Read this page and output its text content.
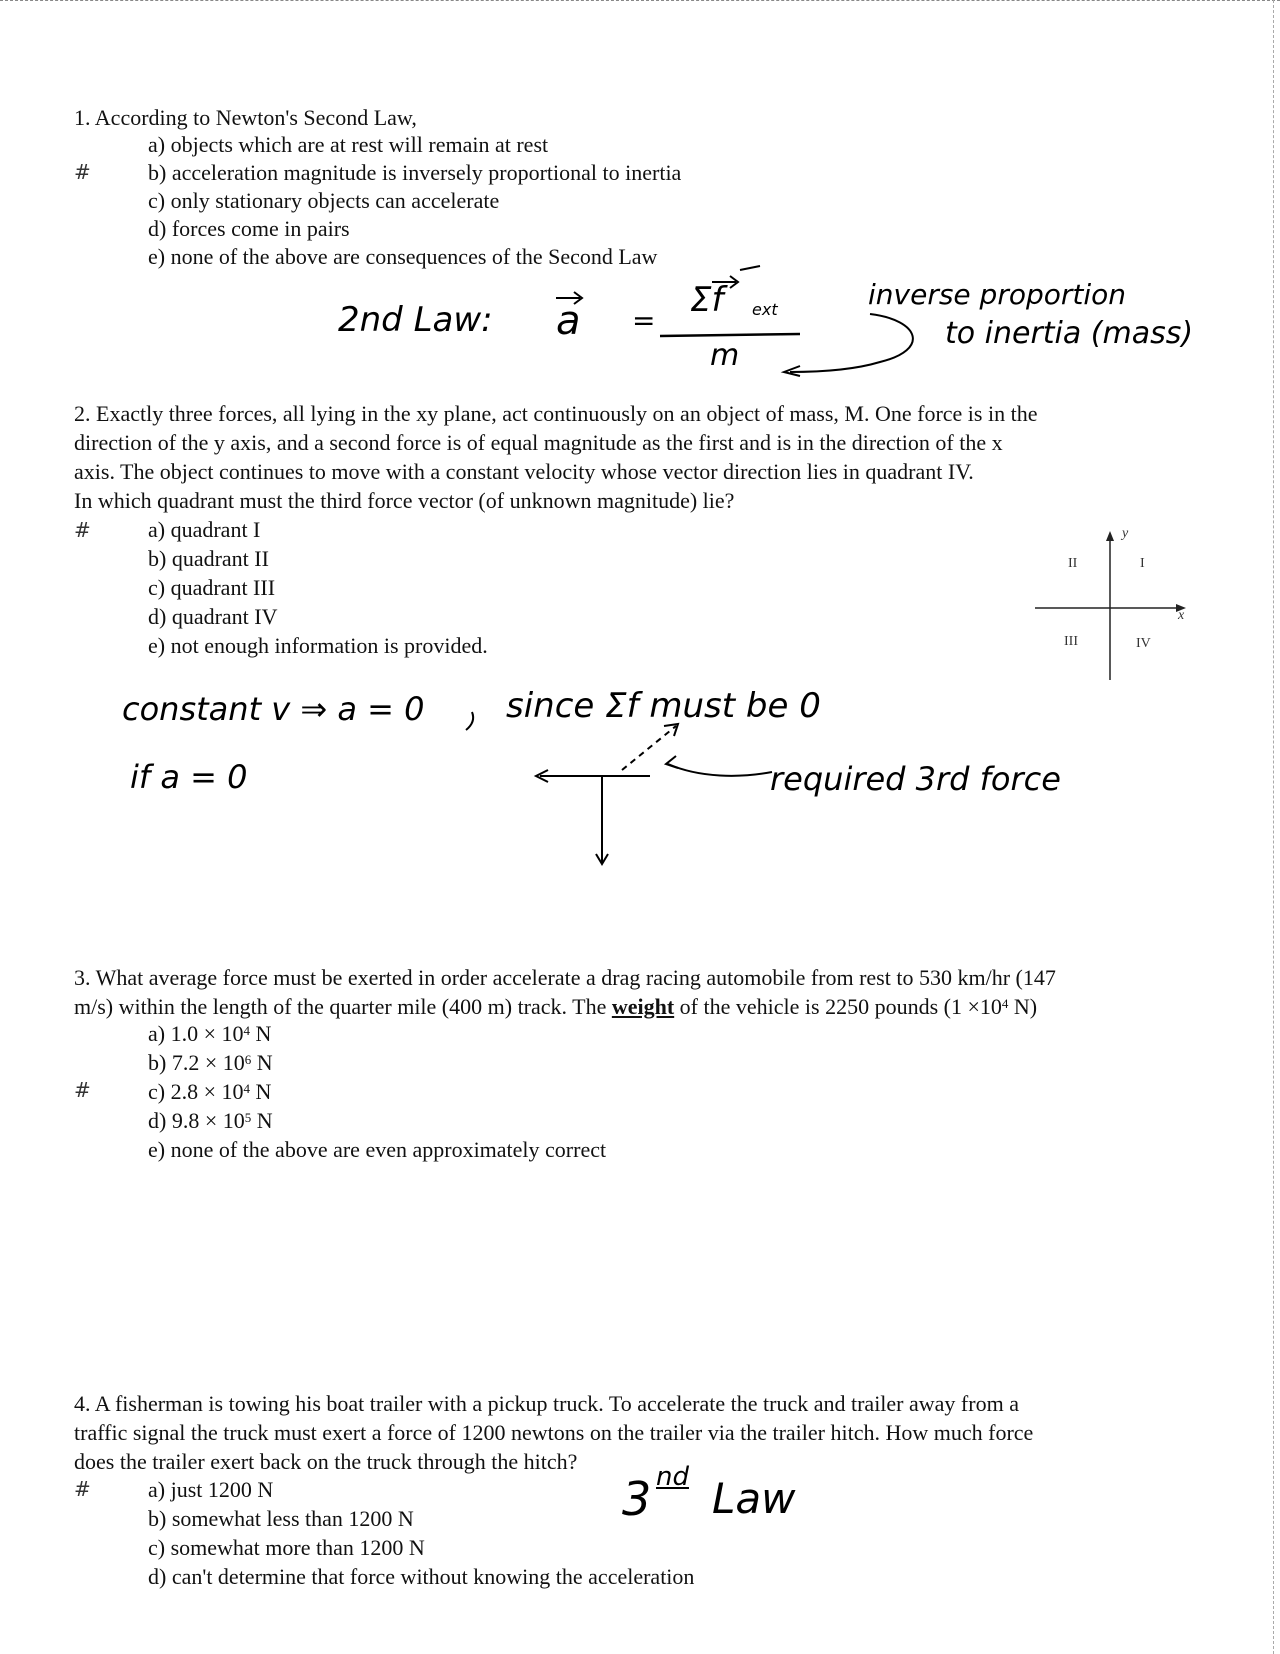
1. According to Newton's Second Law,
a) objects which are at rest will remain at rest
#	b) acceleration magnitude is inversely proportional to inertia
c) only stationary objects can accelerate
d) forces come in pairs
e) none of the above are consequences of the Second Law
2nd Law: a =
Σf ext
m
inverse proportion
to inertia (mass)
2. Exactly three forces, all lying in the xy plane, act continuously on an object of mass, M. One force is in the
direction of the y axis, and a second force is of equal magnitude as the first and is in the direction of the x
axis. The object continues to move with a constant velocity whose vector direction lies in quadrant IV.
In which quadrant must the third force vector (of unknown magnitude) lie?
#	a) quadrant I
b) quadrant II
c) quadrant III
d) quadrant IV
e) not enough information is provided.
y
x
I
II
III	IV
constant v ⇒ a = 0 since Σf must be 0
if a = 0	required 3rd force
3. What average force must be exerted in order accelerate a drag racing automobile from rest to 530 km/hr (147
m/s) within the length of the quarter mile (400 m) track. The weight of the vehicle is 2250 pounds ($1 \times 10^4$ N)
a) $1.0 \times 10^4$ N
b) $7.2 \times 10^6$ N
#	c) $2.8 \times 10^4$ N
d) $9.8 \times 10^5$ N
e) none of the above are even approximately correct
4. A fisherman is towing his boat trailer with a pickup truck. To accelerate the truck and trailer away from a
traffic signal the truck must exert a force of 1200 newtons on the trailer via the trailer hitch. How much force
does the trailer exert back on the truck through the hitch?
#	a) just 1200 N
b) somewhat less than 1200 N
c) somewhat more than 1200 N
d) can't determine that force without knowing the acceleration
3 nd Law
